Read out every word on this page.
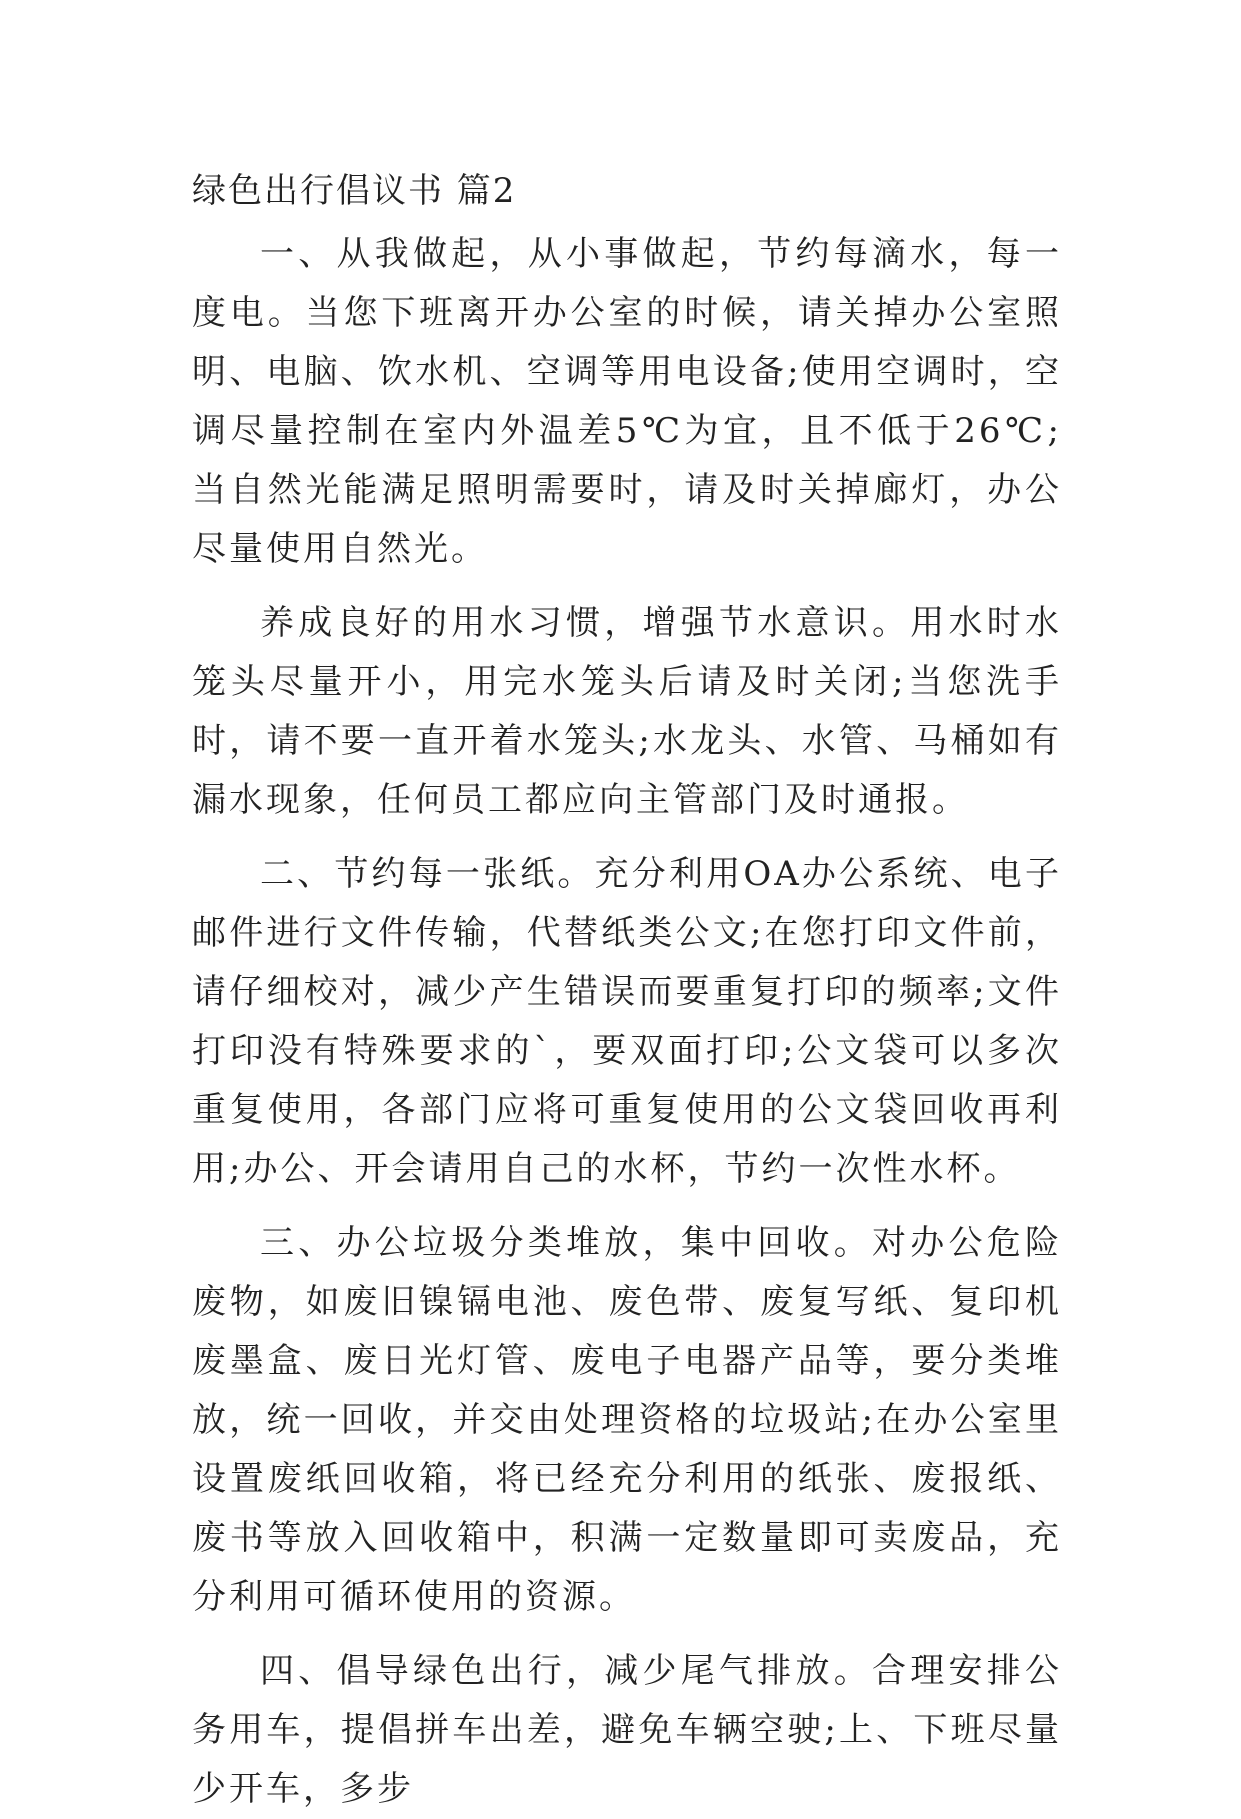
绿色出行倡议书 篇2

一、从我做起，从小事做起，节约每滴水，每一度电。当您下班离开办公室的时候，请关掉办公室照明、电脑、饮水机、空调等用电设备;使用空调时，空调尽量控制在室内外温差5℃为宜，且不低于26℃;当自然光能满足照明需要时，请及时关掉廊灯，办公尽量使用自然光。

养成良好的用水习惯，增强节水意识。用水时水笼头尽量开小，用完水笼头后请及时关闭;当您洗手时，请不要一直开着水笼头;水龙头、水管、马桶如有漏水现象，任何员工都应向主管部门及时通报。

二、节约每一张纸。充分利用OA办公系统、电子邮件进行文件传输，代替纸类公文;在您打印文件前，请仔细校对，减少产生错误而要重复打印的频率;文件打印没有特殊要求的`，要双面打印;公文袋可以多次重复使用，各部门应将可重复使用的公文袋回收再利用;办公、开会请用自己的水杯，节约一次性水杯。

三、办公垃圾分类堆放，集中回收。对办公危险废物，如废旧镍镉电池、废色带、废复写纸、复印机废墨盒、废日光灯管、废电子电器产品等，要分类堆放，统一回收，并交由处理资格的垃圾站;在办公室里设置废纸回收箱，将已经充分利用的纸张、废报纸、废书等放入回收箱中，积满一定数量即可卖废品，充分利用可循环使用的资源。

四、倡导绿色出行，减少尾气排放。合理安排公务用车，提倡拼车出差，避免车辆空驶;上、下班尽量少开车，多步
